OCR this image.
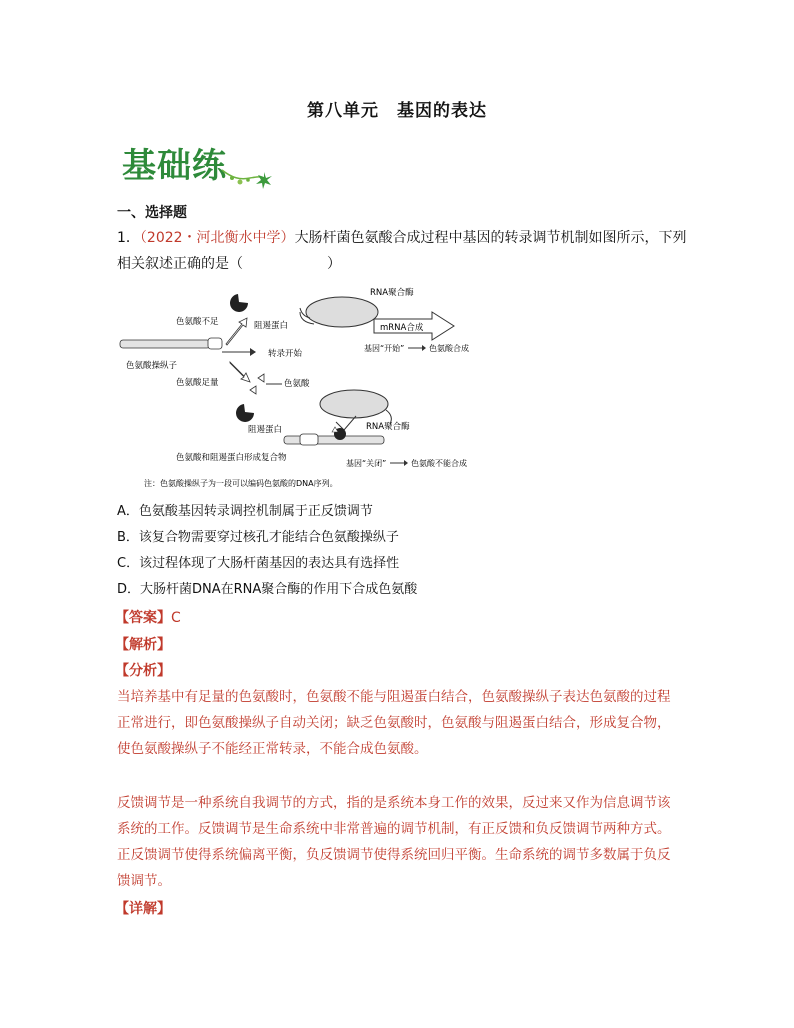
第八单元　基因的表达
基础练
一、选择题
1．（2022・河北衡水中学）大肠杆菌色氨酸合成过程中基因的转录调节机制如图所示，下列
相关叙述正确的是（　　　　　　）
RNA聚合酶
色氨酸不足	阻遏蛋白	mRNA合成
转录开始
基因“开始”	色氨酸合成
色氨酸操纵子
色氨酸足量	色氨酸
阻遏蛋白	RNA聚合酶
色氨酸和阻遏蛋白形成复合物
基因“关闭”	色氨酸不能合成
注：色氨酸操纵子为一段可以编码色氨酸的DNA序列。
A．色氨酸基因转录调控机制属于正反馈调节
B．该复合物需要穿过核孔才能结合色氨酸操纵子
C．该过程体现了大肠杆菌基因的表达具有选择性
D．大肠杆菌DNA在RNA聚合酶的作用下合成色氨酸
【答案】C
【解析】
【分析】
当培养基中有足量的色氨酸时，色氨酸不能与阻遏蛋白结合，色氨酸操纵子表达色氨酸的过程
正常进行，即色氨酸操纵子自动关闭；缺乏色氨酸时，色氨酸与阻遏蛋白结合，形成复合物，
使色氨酸操纵子不能经正常转录，不能合成色氨酸。
反馈调节是一种系统自我调节的方式，指的是系统本身工作的效果，反过来又作为信息调节该
系统的工作。反馈调节是生命系统中非常普遍的调节机制，有正反馈和负反馈调节两种方式。
正反馈调节使得系统偏离平衡，负反馈调节使得系统回归平衡。生命系统的调节多数属于负反
馈调节。
【详解】
